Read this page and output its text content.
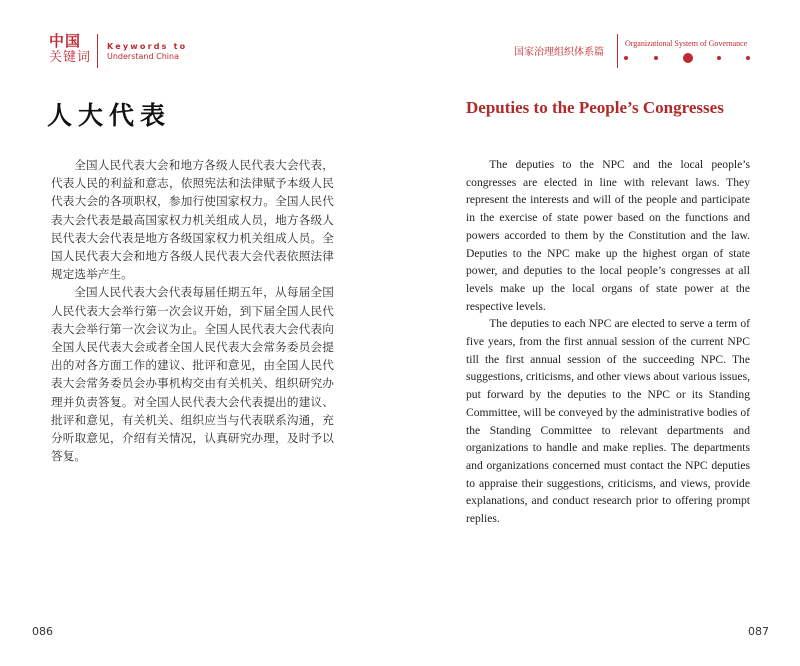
中国
关键词
Keywords to
Understand China
人大代表

全国人民代表大会和地方各级人民代表大会代表，代表人民的利益和意志，依照宪法和法律赋予本级人民代表大会的各项职权，参加行使国家权力。全国人民代表大会代表是最高国家权力机关组成人员，地方各级人民代表大会代表是地方各级国家权力机关组成人员。全国人民代表大会和地方各级人民代表大会代表依照法律规定选举产生。

全国人民代表大会代表每届任期五年，从每届全国人民代表大会举行第一次会议开始，到下届全国人民代表大会举行第一次会议为止。全国人民代表大会代表向全国人民代表大会或者全国人民代表大会常务委员会提出的对各方面工作的建议、批评和意见，由全国人民代表大会常务委员会办事机构交由有关机关、组织研究办理并负责答复。对全国人民代表大会代表提出的建议、批评和意见，有关机关、组织应当与代表联系沟通，充分听取意见，介绍有关情况，认真研究办理，及时予以答复。

086
国家治理组织体系篇
Organizational System of Governance
Deputies to the People’s Congresses

The deputies to the NPC and the local people’s congresses are elected in line with relevant laws. They represent the interests and will of the people and participate in the exercise of state power based on the functions and powers accorded to them by the Constitution and the law. Deputies to the NPC make up the highest organ of state power, and deputies to the local people’s congresses at all levels make up the local organs of state power at the respective levels.

The deputies to each NPC are elected to serve a term of five years, from the first annual session of the current NPC till the first annual session of the succeeding NPC. The suggestions, criticisms, and other views about various issues, put forward by the deputies to the NPC or its Standing Committee, will be conveyed by the administrative bodies of the Standing Committee to relevant departments and organizations to handle and make replies. The departments and organizations concerned must contact the NPC deputies to appraise their suggestions, criticisms, and views, provide explanations, and conduct research prior to offering prompt replies.

087
